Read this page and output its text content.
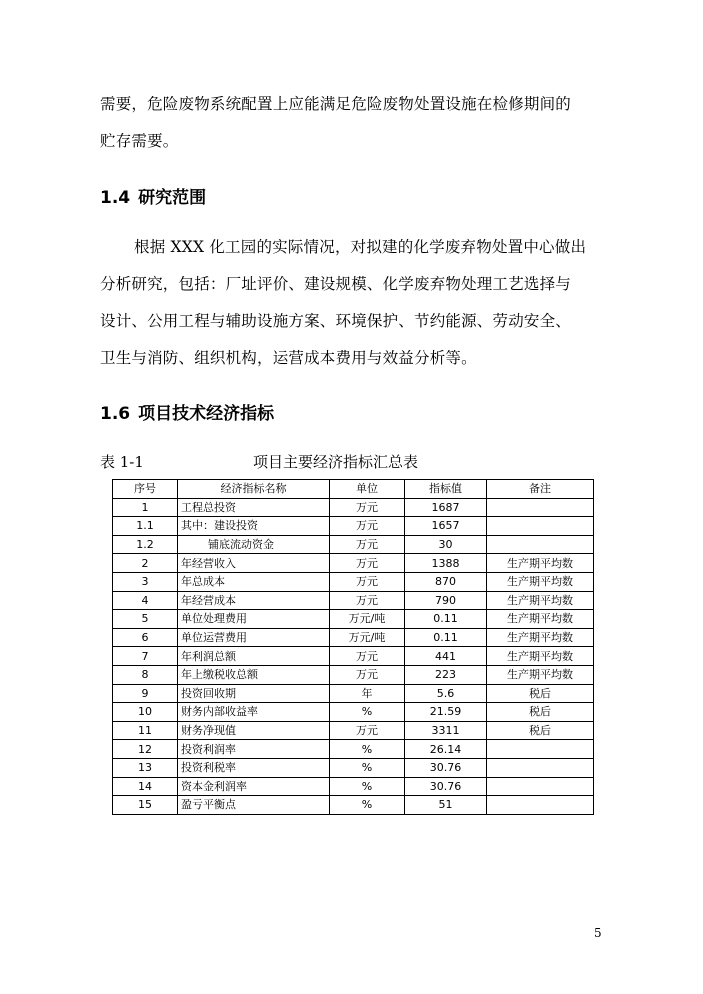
需要，危险废物系统配置上应能满足危险废物处置设施在检修期间的
贮存需要。
1.4 研究范围
根据 XXX 化工园的实际情况，对拟建的化学废弃物处置中心做出
分析研究，包括：厂址评价、建设规模、化学废弃物处理工艺选择与
设计、公用工程与辅助设施方案、环境保护、节约能源、劳动安全、
卫生与消防、组织机构，运营成本费用与效益分析等。
1.6 项目技术经济指标
表 1-1	项目主要经济指标汇总表
序号	经济指标名称	单位	指标值	备注
1	工程总投资	万元	1687	
1.1	其中：建设投资	万元	1657	
1.2	铺底流动资金	万元	30	
2	年经营收入	万元	1388	生产期平均数
3	年总成本	万元	870	生产期平均数
4	年经营成本	万元	790	生产期平均数
5	单位处理费用	万元/吨	0.11	生产期平均数
6	单位运营费用	万元/吨	0.11	生产期平均数
7	年利润总额	万元	441	生产期平均数
8	年上缴税收总额	万元	223	生产期平均数
9	投资回收期	年	5.6	税后
10	财务内部收益率	%	21.59	税后
11	财务净现值	万元	3311	税后
12	投资利润率	%	26.14	
13	投资利税率	%	30.76	
14	资本金利润率	%	30.76	
15	盈亏平衡点	%	51	
5
